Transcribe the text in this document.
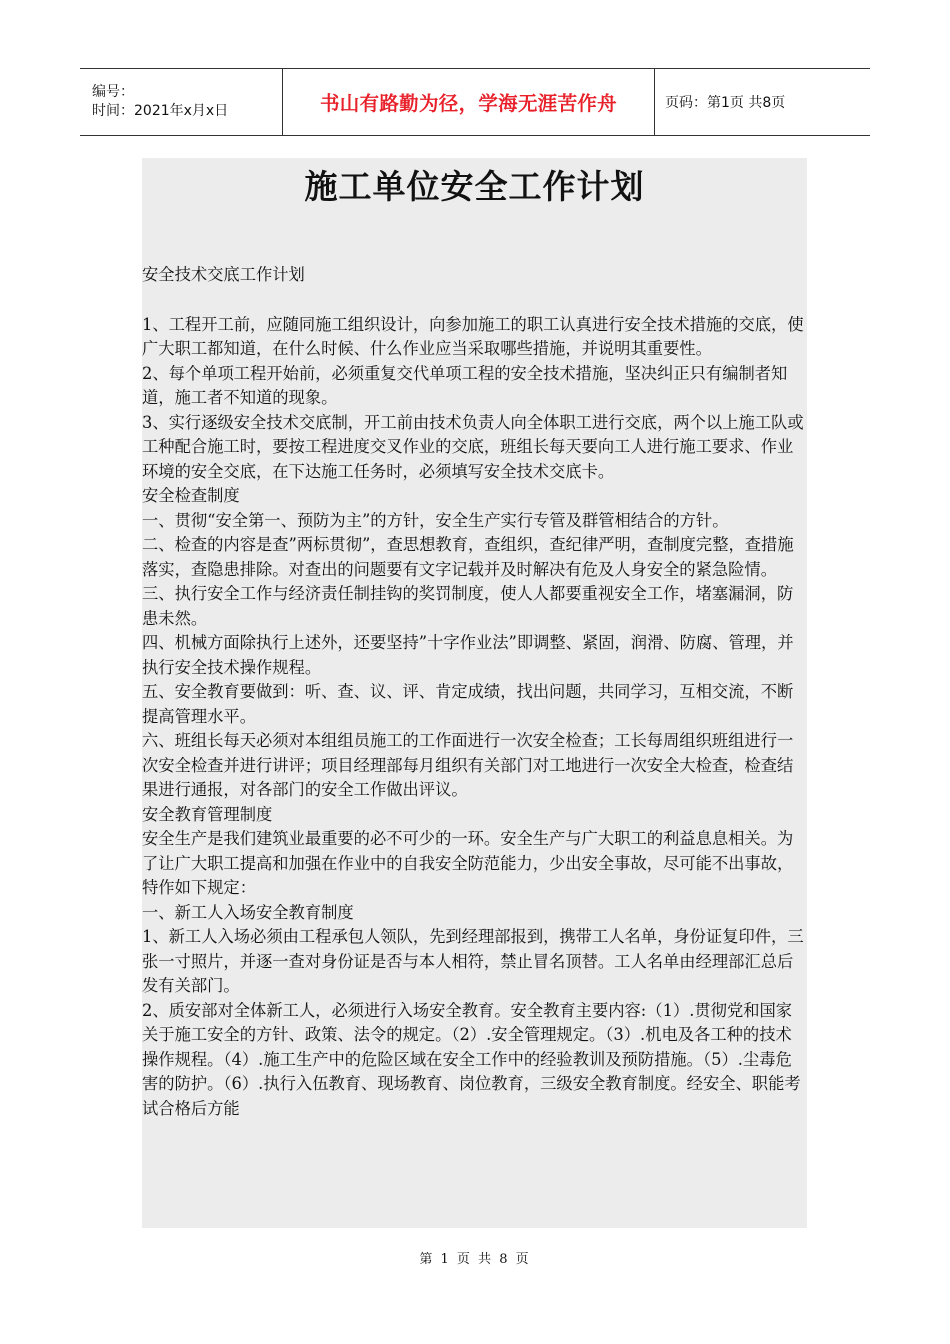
编号：
时间：2021年x月x日	书山有路勤为径，学海无涯苦作舟	页码：第1页 共8页
施工单位安全工作计划
安全技术交底工作计划

1、工程开工前，应随同施工组织设计，向参加施工的职工认真进行安全技术措施的交底，使广大职工都知道，在什么时候、什么作业应当采取哪些措施，并说明其重要性。

2、每个单项工程开始前，必须重复交代单项工程的安全技术措施，坚决纠正只有编制者知道，施工者不知道的现象。

3、实行逐级安全技术交底制，开工前由技术负责人向全体职工进行交底，两个以上施工队或工种配合施工时，要按工程进度交叉作业的交底，班组长每天要向工人进行施工要求、作业环境的安全交底，在下达施工任务时，必须填写安全技术交底卡。

安全检查制度

一、贯彻“安全第一、预防为主”的方针，安全生产实行专管及群管相结合的方针。

二、检查的内容是查”两标贯彻”，查思想教育，查组织，查纪律严明，查制度完整，查措施落实，查隐患排除。对查出的问题要有文字记载并及时解决有危及人身安全的紧急险情。

三、执行安全工作与经济责任制挂钩的奖罚制度，使人人都要重视安全工作，堵塞漏洞，防患未然。

四、机械方面除执行上述外，还要坚持”十字作业法”即调整、紧固，润滑、防腐、管理，并执行安全技术操作规程。

五、安全教育要做到：听、查、议、评、肯定成绩，找出问题，共同学习，互相交流，不断提高管理水平。

六、班组长每天必须对本组组员施工的工作面进行一次安全检查；工长每周组织班组进行一次安全检查并进行讲评；项目经理部每月组织有关部门对工地进行一次安全大检查，检查结果进行通报，对各部门的安全工作做出评议。

安全教育管理制度

安全生产是我们建筑业最重要的必不可少的一环。安全生产与广大职工的利益息息相关。为了让广大职工提高和加强在作业中的自我安全防范能力，少出安全事故，尽可能不出事故，特作如下规定：

一、新工人入场安全教育制度

1、新工人入场必须由工程承包人领队，先到经理部报到，携带工人名单，身份证复印件，三张一寸照片，并逐一查对身份证是否与本人相符，禁止冒名顶替。工人名单由经理部汇总后发有关部门。

2、质安部对全体新工人，必须进行入场安全教育。安全教育主要内容:（1）.贯彻党和国家关于施工安全的方针、政策、法令的规定。（2）.安全管理规定。（3）.机电及各工种的技术操作规程。（4）.施工生产中的危险区域在安全工作中的经验教训及预防措施。（5）.尘毒危害的防护。（6）.执行入伍教育、现场教育、岗位教育，三级安全教育制度。经安全、职能考试合格后方能

第 1 页 共 8 页
